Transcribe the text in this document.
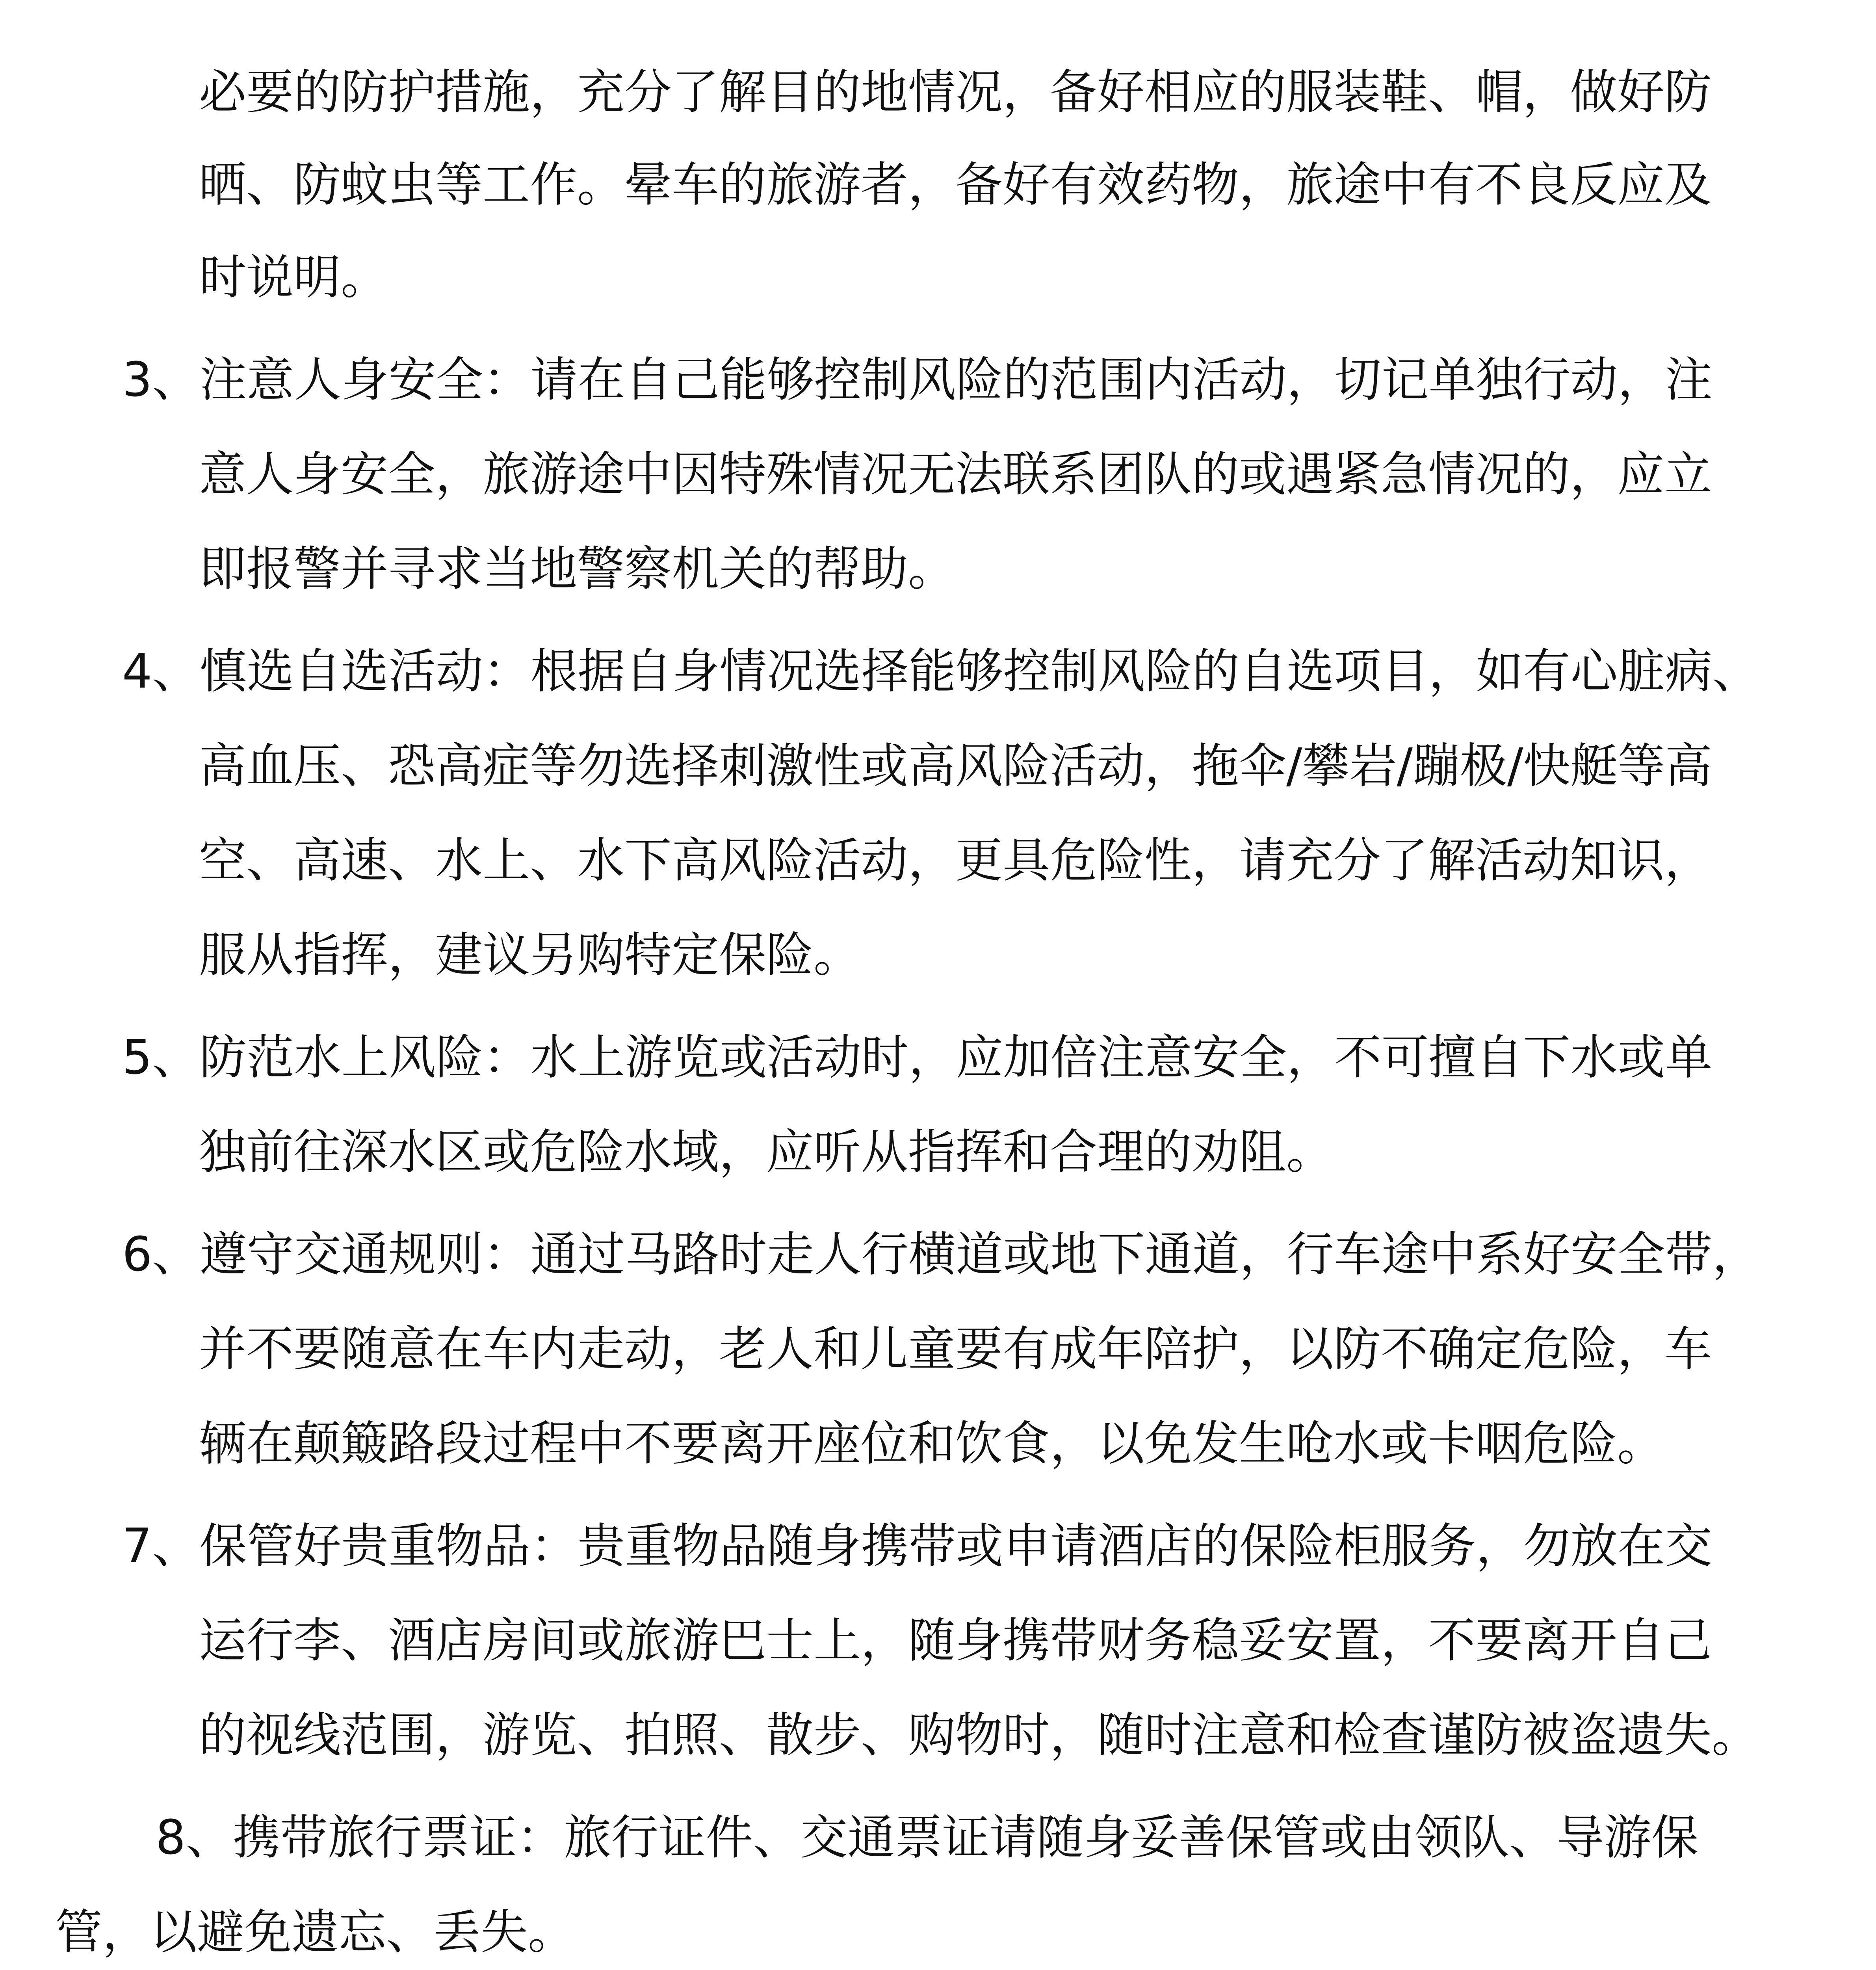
必要的防护措施，充分了解目的地情况，备好相应的服装鞋、帽，做好防
晒、防蚊虫等工作。晕车的旅游者，备好有效药物，旅途中有不良反应及
时说明。
3、注意人身安全：请在自己能够控制风险的范围内活动，切记单独行动，注
意人身安全，旅游途中因特殊情况无法联系团队的或遇紧急情况的，应立
即报警并寻求当地警察机关的帮助。
4、慎选自选活动：根据自身情况选择能够控制风险的自选项目，如有心脏病、
高血压、恐高症等勿选择刺激性或高风险活动，拖伞/攀岩/蹦极/快艇等高
空、高速、水上、水下高风险活动，更具危险性，请充分了解活动知识，
服从指挥，建议另购特定保险。
5、防范水上风险：水上游览或活动时，应加倍注意安全，不可擅自下水或单
独前往深水区或危险水域，应听从指挥和合理的劝阻。
6、遵守交通规则：通过马路时走人行横道或地下通道，行车途中系好安全带，
并不要随意在车内走动，老人和儿童要有成年陪护，以防不确定危险，车
辆在颠簸路段过程中不要离开座位和饮食，以免发生呛水或卡咽危险。
7、保管好贵重物品：贵重物品随身携带或申请酒店的保险柜服务，勿放在交
运行李、酒店房间或旅游巴士上，随身携带财务稳妥安置，不要离开自己
的视线范围，游览、拍照、散步、购物时，随时注意和检查谨防被盗遗失。
8、携带旅行票证：旅行证件、交通票证请随身妥善保管或由领队、导游保
管，以避免遗忘、丢失。
